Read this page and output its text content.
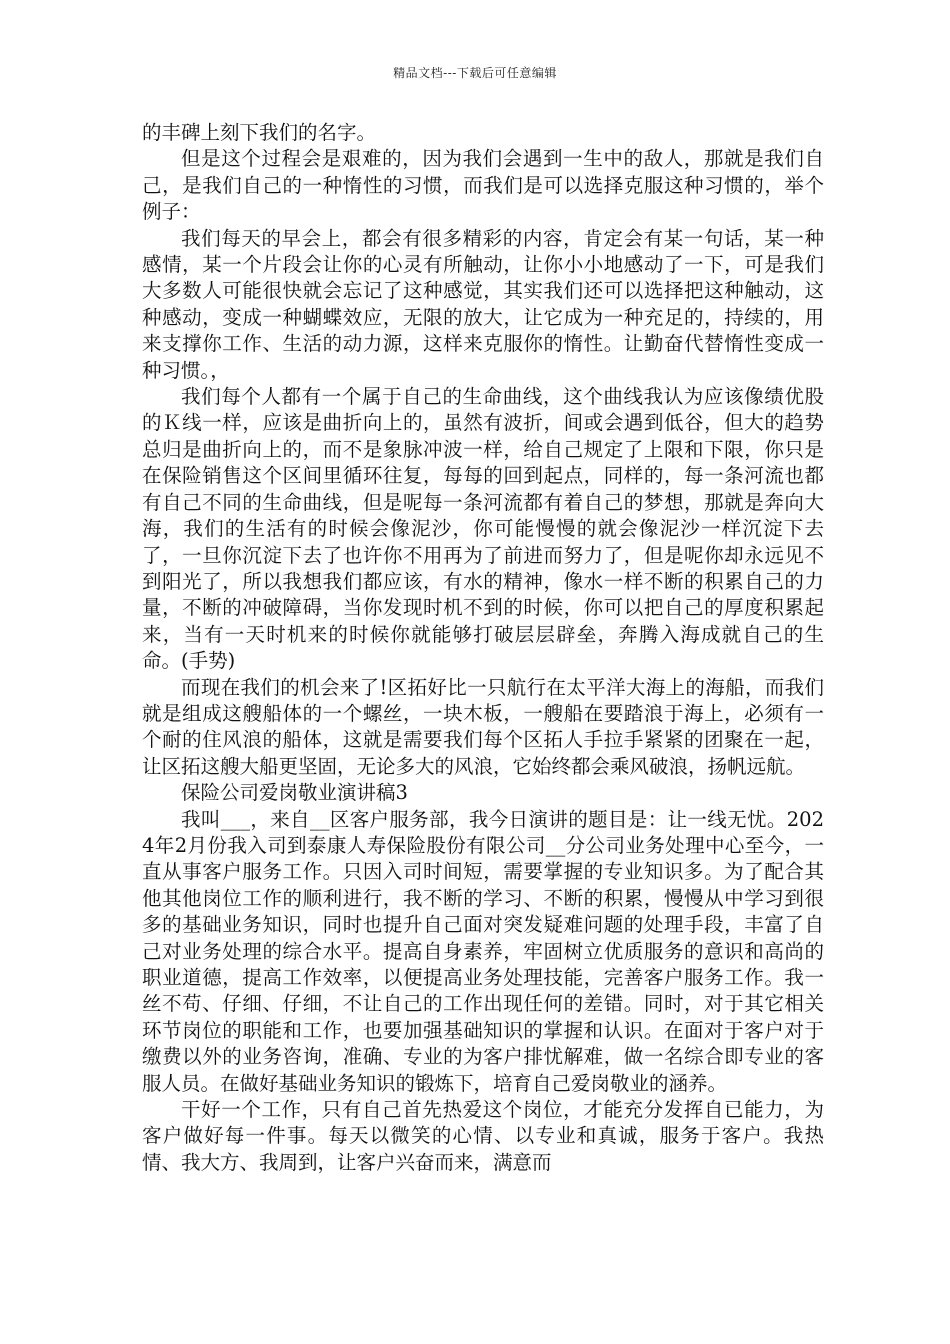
精品文档---下载后可任意编辑

的丰碑上刻下我们的名字。

但是这个过程会是艰难的，因为我们会遇到一生中的敌人，那就是我们自己，是我们自己的一种惰性的习惯，而我们是可以选择克服这种习惯的，举个例子：

我们每天的早会上，都会有很多精彩的内容，肯定会有某一句话，某一种感情，某一个片段会让你的心灵有所触动，让你小小地感动了一下，可是我们大多数人可能很快就会忘记了这种感觉，其实我们还可以选择把这种触动，这种感动，变成一种蝴蝶效应，无限的放大，让它成为一种充足的，持续的，用来支撑你工作、生活的动力源，这样来克服你的惰性。让勤奋代替惰性变成一种习惯。，

我们每个人都有一个属于自己的生命曲线，这个曲线我认为应该像绩优股的Ｋ线一样，应该是曲折向上的，虽然有波折，间或会遇到低谷，但大的趋势总归是曲折向上的，而不是象脉冲波一样，给自己规定了上限和下限，你只是在保险销售这个区间里循环往复，每每的回到起点，同样的，每一条河流也都有自己不同的生命曲线，但是呢每一条河流都有着自己的梦想，那就是奔向大海，我们的生活有的时候会像泥沙，你可能慢慢的就会像泥沙一样沉淀下去了，一旦你沉淀下去了也许你不用再为了前进而努力了，但是呢你却永远见不到阳光了，所以我想我们都应该，有水的精神，像水一样不断的积累自己的力量，不断的冲破障碍，当你发现时机不到的时候，你可以把自己的厚度积累起来，当有一天时机来的时候你就能够打破层层辟垒，奔腾入海成就自己的生命。(手势)

而现在我们的机会来了!区拓好比一只航行在太平洋大海上的海船，而我们就是组成这艘船体的一个螺丝，一块木板，一艘船在要踏浪于海上，必须有一个耐的住风浪的船体，这就是需要我们每个区拓人手拉手紧紧的团聚在一起，让区拓这艘大船更坚固，无论多大的风浪，它始终都会乘风破浪，扬帆远航。

保险公司爱岗敬业演讲稿3

我叫___，来自__区客户服务部，我今日演讲的题目是：让一线无忧。2024年2月份我入司到泰康人寿保险股份有限公司__分公司业务处理中心至今，一直从事客户服务工作。只因入司时间短，需要掌握的专业知识多。为了配合其他其他岗位工作的顺利进行，我不断的学习、不断的积累，慢慢从中学习到很多的基础业务知识，同时也提升自己面对突发疑难问题的处理手段，丰富了自己对业务处理的综合水平。提高自身素养，牢固树立优质服务的意识和高尚的职业道德，提高工作效率，以便提高业务处理技能，完善客户服务工作。我一丝不苟、仔细、仔细，不让自己的工作出现任何的差错。同时，对于其它相关环节岗位的职能和工作，也要加强基础知识的掌握和认识。在面对于客户对于缴费以外的业务咨询，准确、专业的为客户排忧解难，做一名综合即专业的客服人员。在做好基础业务知识的锻炼下，培育自己爱岗敬业的涵养。

干好一个工作，只有自己首先热爱这个岗位，才能充分发挥自已能力，为客户做好每一件事。每天以微笑的心情、以专业和真诚，服务于客户。我热情、我大方、我周到，让客户兴奋而来，满意而
